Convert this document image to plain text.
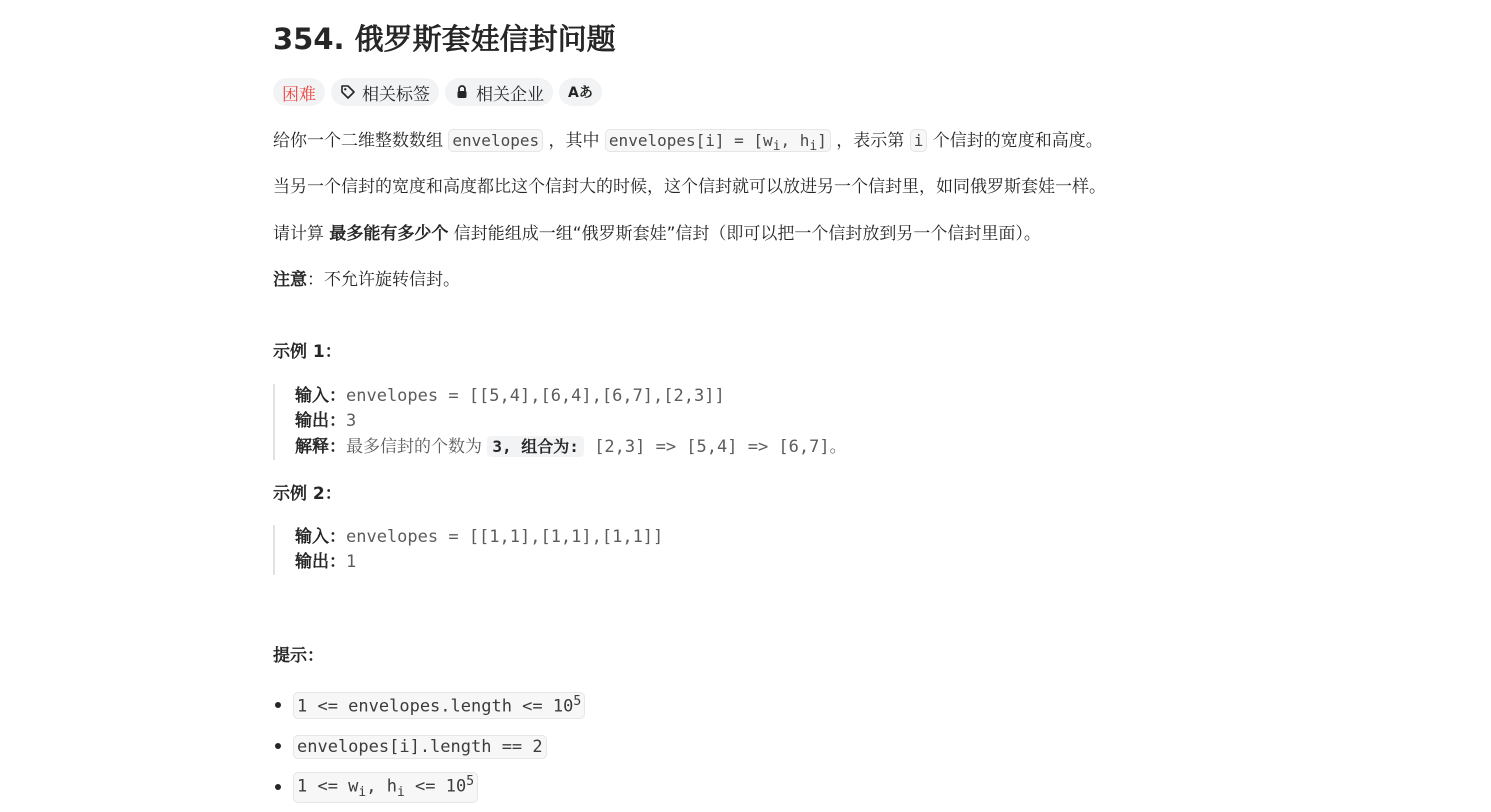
354. 俄罗斯套娃信封问题
困难	相关标签	相关企业 Aあ

给你一个二维整数数组 envelopes ，其中 envelopes[i] = [$w_i$, $h_i$] ，表示第 i 个信封的宽度和高度。

当另一个信封的宽度和高度都比这个信封大的时候，这个信封就可以放进另一个信封里，如同俄罗斯套娃一样。

请计算 最多能有多少个 信封能组成一组“俄罗斯套娃”信封（即可以把一个信封放到另一个信封里面）。

注意：不允许旋转信封。

示例 1：
输入：envelopes = [[5,4],[6,4],[6,7],[2,3]]
输出：3
解释：最多信封的个数为 3, 组合为: [2,3] => [5,4] => [6,7]。
示例 2：
输入：envelopes = [[1,1],[1,1],[1,1]]
输出：1
提示：
1 <= envelopes.length <= $10^5$
envelopes[i].length == 2
$1 <= w_i$, $h_i <= 10^5$
